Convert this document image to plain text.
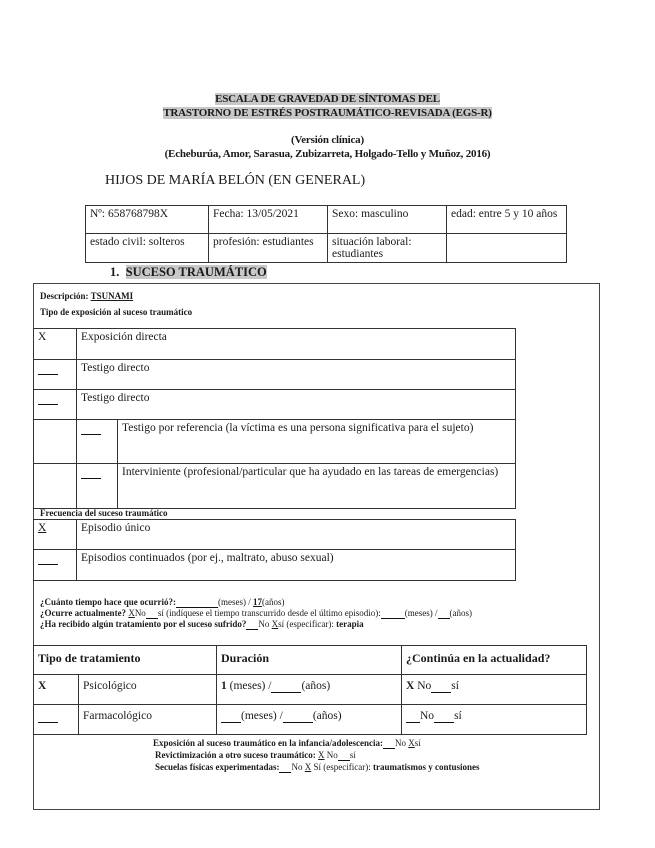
ESCALA DE GRAVEDAD DE SÍNTOMAS DEL
TRASTORNO DE ESTRÉS POSTRAUMÁTICO-REVISADA (EGS-R)
(Versión clínica)
(Echeburúa, Amor, Sarasua, Zubizarreta, Holgado-Tello y Muñoz, 2016)
HIJOS DE MARÍA BELÓN (EN GENERAL)
Nº: 658768798X	Fecha: 13/05/2021	Sexo: masculino	edad: entre 5 y 10 años
estado civil: solteros	profesión: estudiantes	situación laboral: estudiantes	
1. SUCESO TRAUMÁTICO
Descripción: TSUNAMI
Tipo de exposición al suceso traumático
X	Exposición directa	
	Testigo directo	
	Testigo directo	
		Testigo por referencia (la víctima es una persona significativa para el sujeto)
		Interviniente (profesional/particular que ha ayudado en las tareas de emergencias)
Frecuencia del suceso traumático
X	Episodio único
	Episodios continuados (por ej., maltrato, abuso sexual)
¿Cuánto tiempo hace que ocurrió?:	(meses) / 17(años)
¿Ocurre actualmente? XNo sí (indíquese el tiempo transcurrido desde el último episodio):	(meses) / (años)
¿Ha recibido algún tratamiento por el suceso sufrido? No Xsí (especificar): terapia
Tipo de tratamiento		Duración	¿Continúa en la actualidad?
X	Psicológico	1 (meses) / (años)	X No sí
	Farmacológico	(meses) / (años)	No sí
Exposición al suceso traumático en la infancia/adolescencia: No Xsí
Revictimización a otro suceso traumático: X No sí
Secuelas físicas experimentadas: No X Sí (especificar): traumatismos y contusiones
